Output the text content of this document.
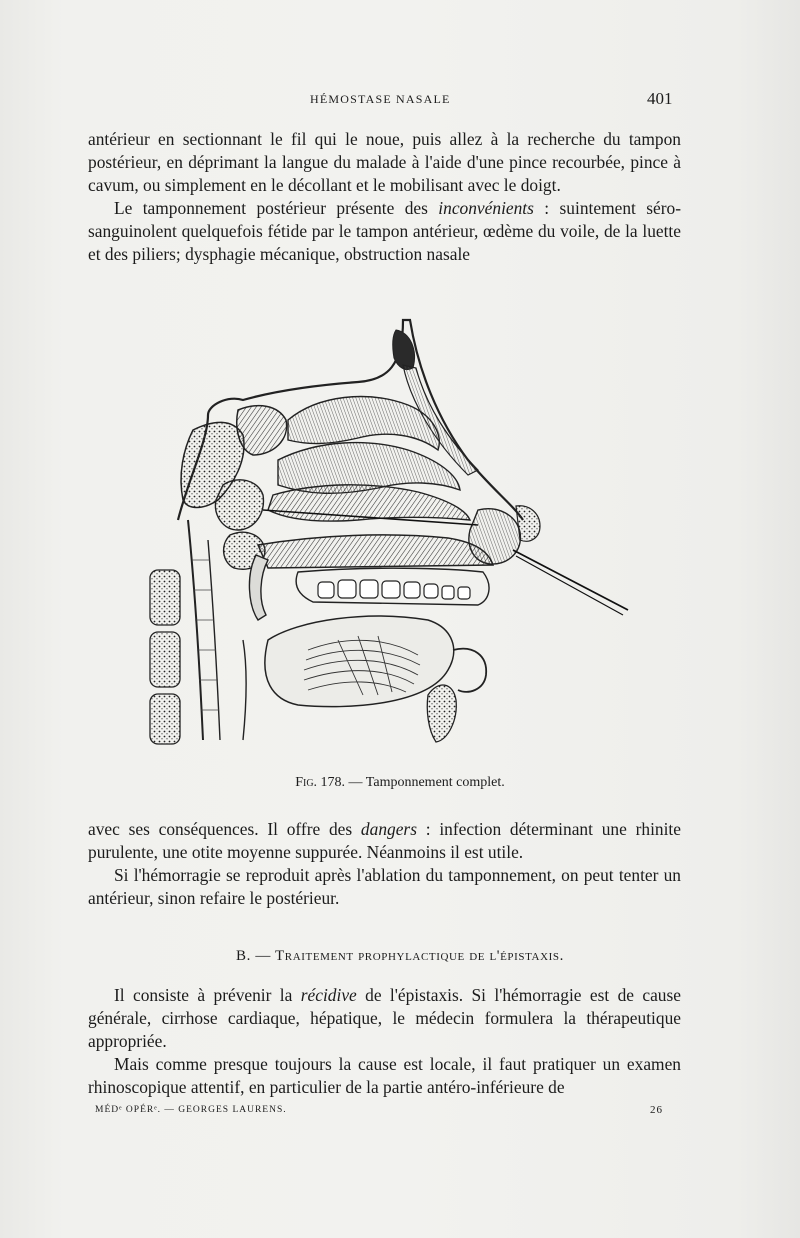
HÉMOSTASE NASALE	401

antérieur en sectionnant le fil qui le noue, puis allez à la recherche du tampon postérieur, en déprimant la langue du malade à l'aide d'une pince recourbée, pince à cavum, ou simplement en le décollant et le mobilisant avec le doigt.

Le tamponnement postérieur présente des inconvénients : suintement séro-sanguinolent quelquefois fétide par le tampon antérieur, œdème du voile, de la luette et des piliers; dysphagie mécanique, obstruction nasale

Fig. 178. — Tamponnement complet.

avec ses conséquences. Il offre des dangers : infection déterminant une rhinite purulente, une otite moyenne suppurée. Néanmoins il est utile.

Si l'hémorragie se reproduit après l'ablation du tamponnement, on peut tenter un antérieur, sinon refaire le postérieur.

B. — Traitement prophylactique de l'épistaxis.

Il consiste à prévenir la récidive de l'épistaxis. Si l'hémorragie est de cause générale, cirrhose cardiaque, hépatique, le médecin formulera la thérapeutique appropriée.

Mais comme presque toujours la cause est locale, il faut pratiquer un examen rhinoscopique attentif, en particulier de la partie antéro-inférieure de

MÉDᵉ OPÉRᵉ. — GEORGES LAURENS.	26
